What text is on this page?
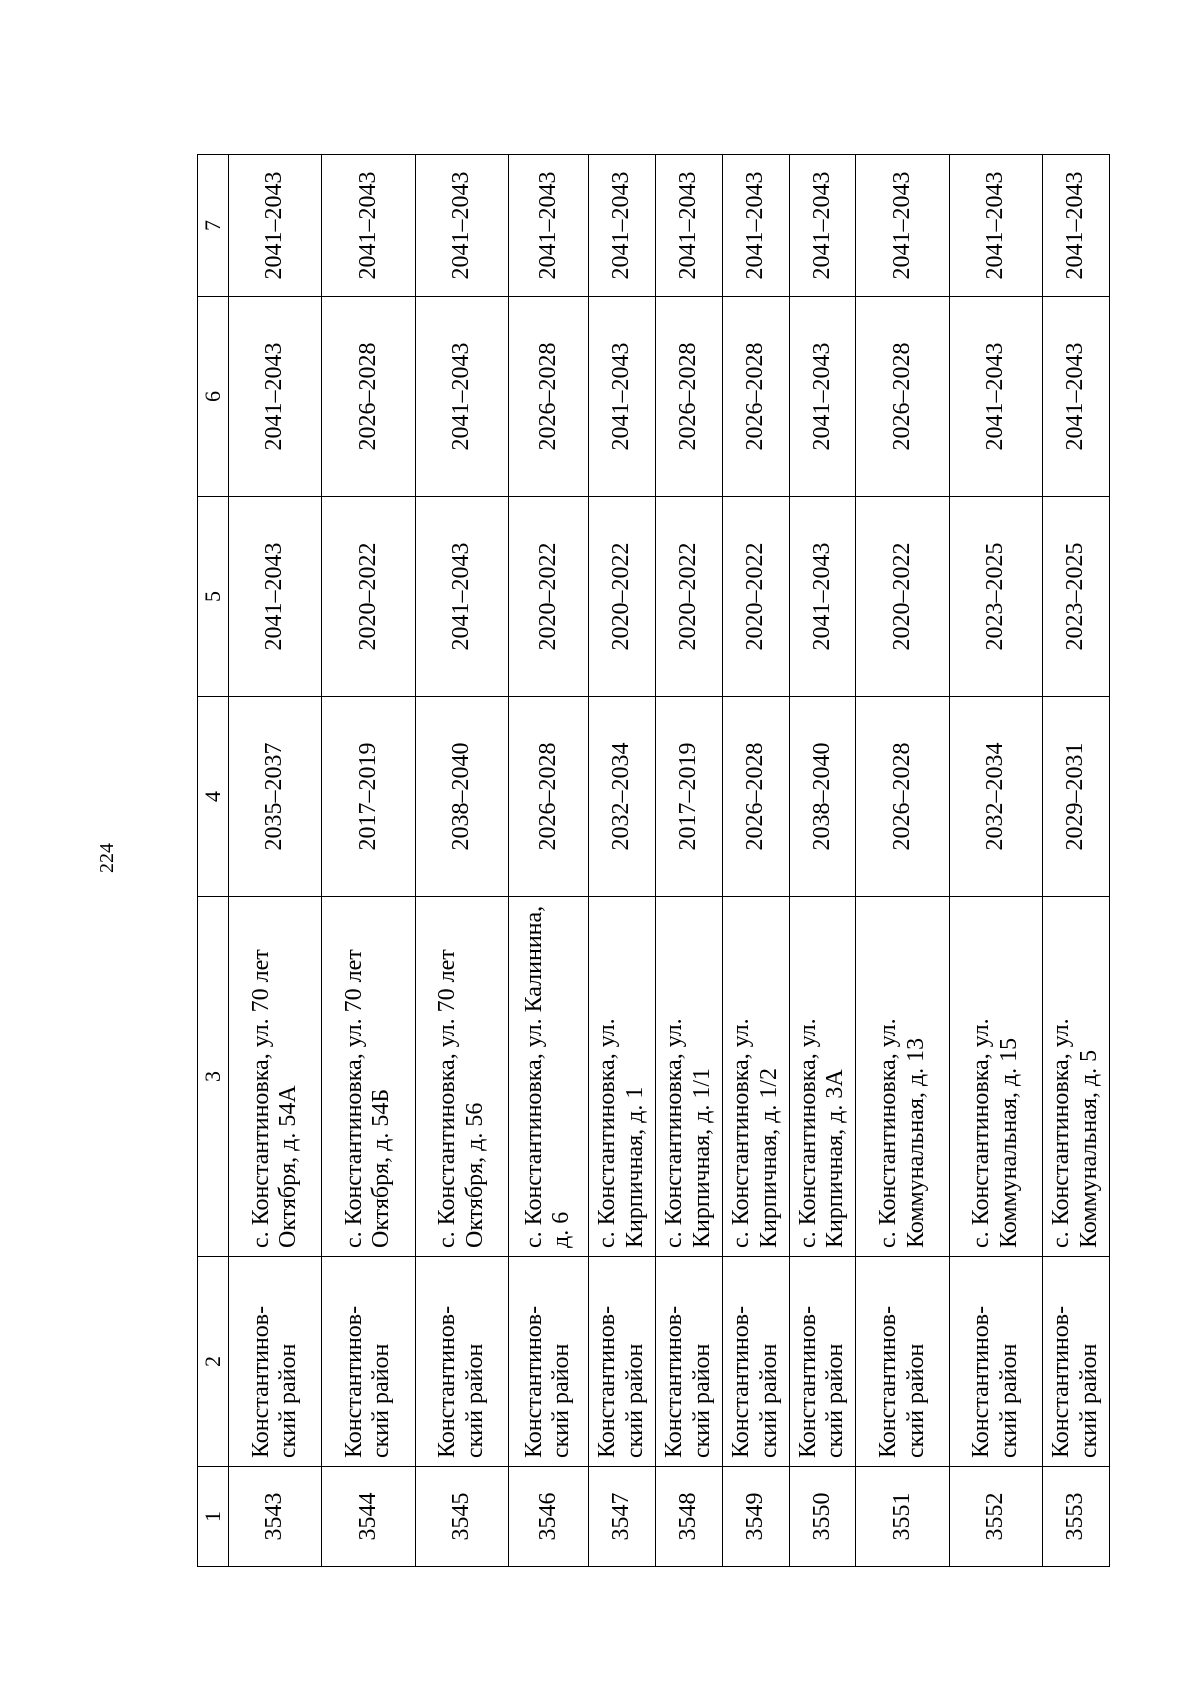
224
1	2	3	4	5	6	7
3543	Константинов-ский район	с. Константиновка, ул. 70 лет Октября, д. 54А	2035–2037	2041–2043	2041–2043	2041–2043
3544	Константинов-ский район	с. Константиновка, ул. 70 лет Октября, д. 54Б	2017–2019	2020–2022	2026–2028	2041–2043
3545	Константинов-ский район	с. Константиновка, ул. 70 лет Октября, д. 56	2038–2040	2041–2043	2041–2043	2041–2043
3546	Константинов-ский район	с. Константиновка, ул. Калинина, д. 6	2026–2028	2020–2022	2026–2028	2041–2043
3547	Константинов-ский район	с. Константиновка, ул. Кирпичная, д. 1	2032–2034	2020–2022	2041–2043	2041–2043
3548	Константинов-ский район	с. Константиновка, ул. Кирпичная, д. 1/1	2017–2019	2020–2022	2026–2028	2041–2043
3549	Константинов-ский район	с. Константиновка, ул. Кирпичная, д. 1/2	2026–2028	2020–2022	2026–2028	2041–2043
3550	Константинов-ский район	с. Константиновка, ул. Кирпичная, д. 3А	2038–2040	2041–2043	2041–2043	2041–2043
3551	Константинов-ский район	с. Константиновка, ул. Коммунальная, д. 13	2026–2028	2020–2022	2026–2028	2041–2043
3552	Константинов-ский район	с. Константиновка, ул. Коммунальная, д. 15	2032–2034	2023–2025	2041–2043	2041–2043
3553	Константинов-ский район	с. Константиновка, ул. Коммунальная, д. 5	2029–2031	2023–2025	2041–2043	2041–2043
